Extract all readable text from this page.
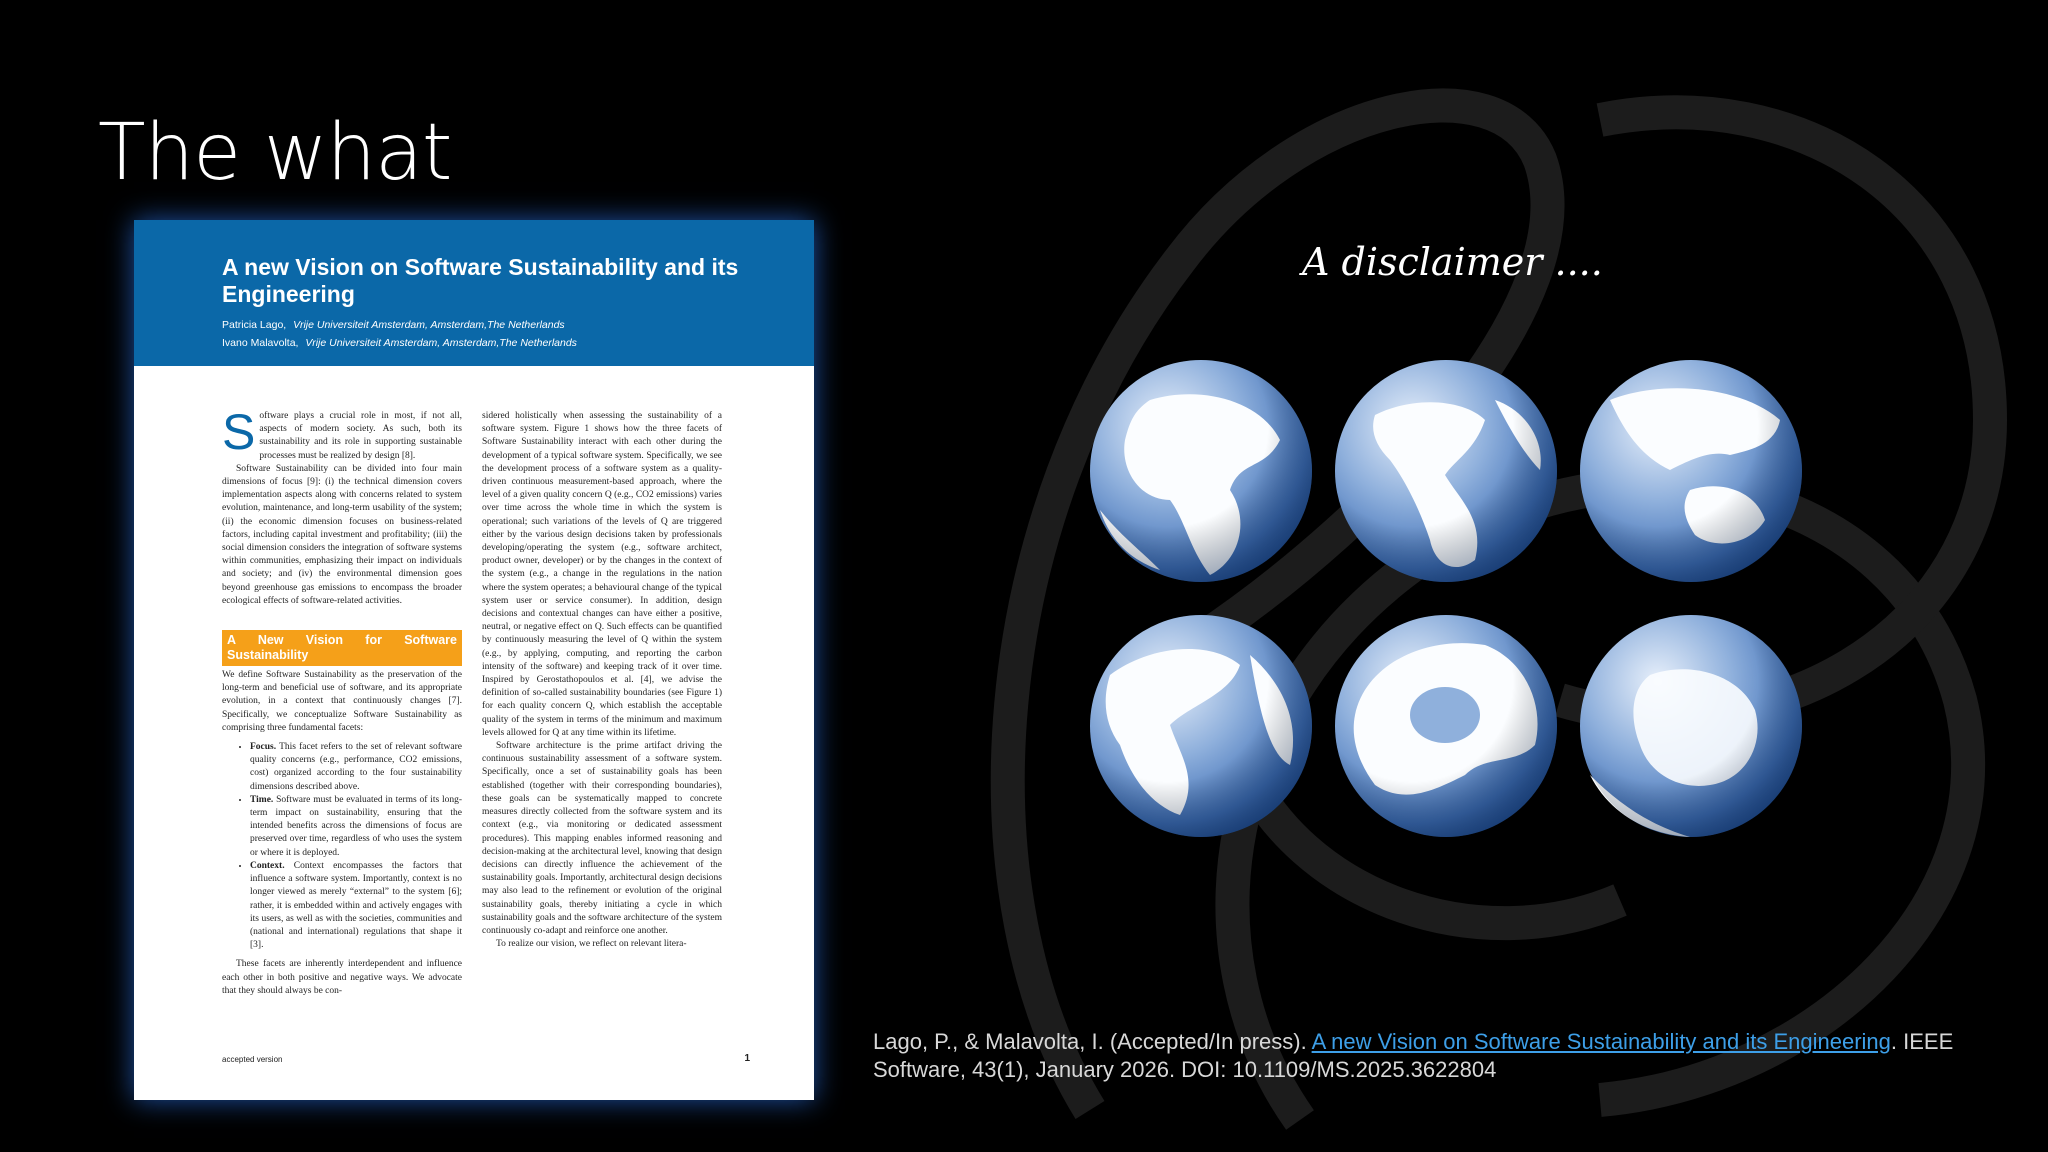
The what
A new Vision on Software Sustainability and its Engineering
Patricia Lago, Vrije Universiteit Amsterdam, Amsterdam,The Netherlands
Ivano Malavolta, Vrije Universiteit Amsterdam, Amsterdam,The Netherlands

Software plays a crucial role in most, if not all, aspects of modern society. As such, both its sustainability and its role in supporting sustainable processes must be realized by design [8].

Software Sustainability can be divided into four main dimensions of focus [9]: (i) the technical dimension covers implementation aspects along with concerns related to system evolution, maintenance, and long-term usability of the system; (ii) the economic dimension focuses on business-related factors, including capital investment and profitability; (iii) the social dimension considers the integration of software systems within communities, emphasizing their impact on individuals and society; and (iv) the environmental dimension goes beyond greenhouse gas emissions to encompass the broader ecological effects of software-related activities.

A New Vision for Software Sustainability

We define Software Sustainability as the preservation of the long-term and beneficial use of software, and its appropriate evolution, in a context that continuously changes [7]. Specifically, we conceptualize Software Sustainability as comprising three fundamental facets:

• Focus. This facet refers to the set of relevant software quality concerns (e.g., performance, CO2 emissions, cost) organized according to the four sustainability dimensions described above.
• Time. Software must be evaluated in terms of its long-term impact on sustainability, ensuring that the intended benefits across the dimensions of focus are preserved over time, regardless of who uses the system or where it is deployed.
• Context. Context encompasses the factors that influence a software system. Importantly, context is no longer viewed as merely “external” to the system [6]; rather, it is embedded within and actively engages with its users, as well as with the societies, communities and (national and international) regulations that shape it [3].

These facets are inherently interdependent and influence each other in both positive and negative ways. We advocate that they should always be con-

sidered holistically when assessing the sustainability of a software system. Figure 1 shows how the three facets of Software Sustainability interact with each other during the development of a typical software system. Specifically, we see the development process of a software system as a quality-driven continuous measurement-based approach, where the level of a given quality concern Q (e.g., CO2 emissions) varies over time across the whole time in which the system is operational; such variations of the levels of Q are triggered either by the various design decisions taken by professionals developing/operating the system (e.g., software architect, product owner, developer) or by the changes in the context of the system (e.g., a change in the regulations in the nation where the system operates; a behavioural change of the typical system user or service consumer). In addition, design decisions and contextual changes can have either a positive, neutral, or negative effect on Q. Such effects can be quantified by continuously measuring the level of Q within the system (e.g., by applying, computing, and reporting the carbon intensity of the software) and keeping track of it over time. Inspired by Gerostathopoulos et al. [4], we advise the definition of so-called sustainability boundaries (see Figure 1) for each quality concern Q, which establish the acceptable quality of the system in terms of the minimum and maximum levels allowed for Q at any time within its lifetime.

Software architecture is the prime artifact driving the continuous sustainability assessment of a software system. Specifically, once a set of sustainability goals has been established (together with their corresponding boundaries), these goals can be systematically mapped to concrete measures directly collected from the software system and its context (e.g., via monitoring or dedicated assessment procedures). This mapping enables informed reasoning and decision-making at the architectural level, knowing that design decisions can directly influence the achievement of the sustainability goals. Importantly, architectural design decisions may also lead to the refinement or evolution of the original sustainability goals, thereby initiating a cycle in which sustainability goals and the software architecture of the system continuously co-adapt and reinforce one another.

To realize our vision, we reflect on relevant litera-

accepted version	1
A disclaimer ....
Lago, P., & Malavolta, I. (Accepted/In press). A new Vision on Software Sustainability and its Engineering. IEEE Software, 43(1), January 2026. DOI: 10.1109/MS.2025.3622804
